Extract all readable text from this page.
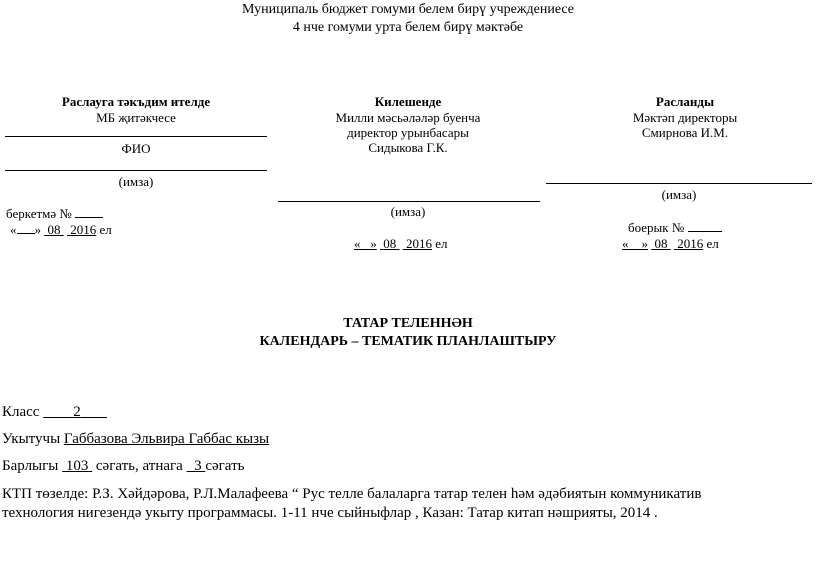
Муниципаль бюджет гомуми белем бирү учреждениесе
4 нче гомуми урта белем бирү мәктәбе
Раслауга тәкъдим ителде
МБ җитәкчесе
ФИО
(имза)
беркетмә №
« » 08 2016 ел
Килешенде
Милли мәсьәләләр буенча
директор урынбасары
Сидыкова Г.К.
(имза)
« » 08 2016 ел
Расланды
Мәктәп директоры
Смирнова И.М.
(имза)
боерык №
« » 08 2016 ел
ТАТАР ТЕЛЕННӘН
КАЛЕНДАРЬ – ТЕМАТИК ПЛАНЛАШТЫРУ
Класс 2
Укытучы Габбазова Эльвира Габбас кызы
Барлыгы 103 сәгать, атнага 3 сәгать
КТП төзелде: Р.З. Хәйдәрова, Р.Л.Малафеева “ Рус телле балаларга татар телен һәм әдәбиятын коммуникатив
технология нигезендә укыту программасы. 1-11 нче сыйныфлар , Казан: Татар китап нәшрияты, 2014 .
